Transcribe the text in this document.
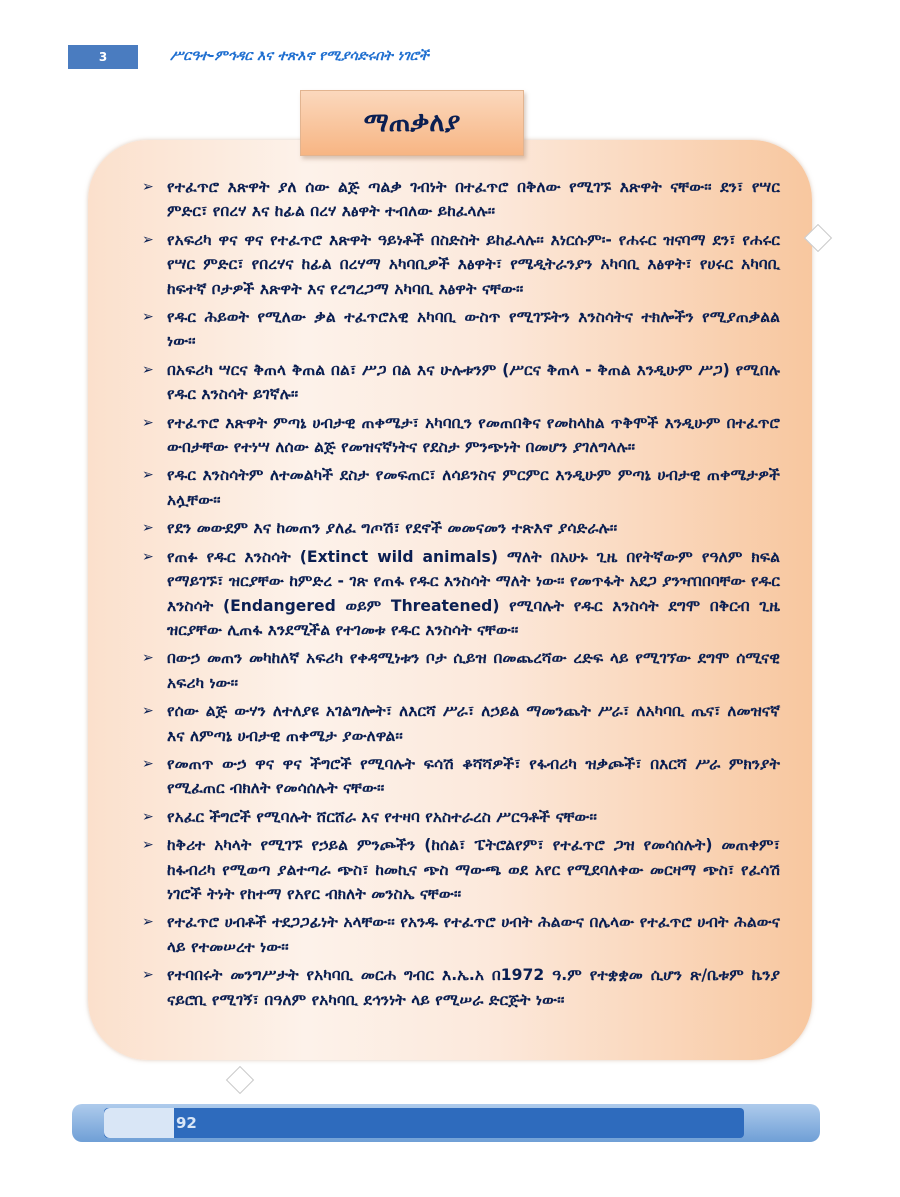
3	ሥርዓተ-ምኅዳር እና ተጽእኖ የሚያሳድሩበት ነገሮች
ማጠቃለያ
➢ የተፈጥሮ እጽዋት ያለ ሰው ልጅ ጣልቃ ገብነት በተፈጥሮ በቅለው የሚገኙ እጽዋት ናቸው፡፡ ደን፣ የሣር ምድር፣ የበረሃ እና ከፊል በረሃ እፅዋት ተብለው ይከፈላሉ፡፡
➢ የአፍሪካ ዋና ዋና የተፈጥሮ እጽዋት ዓይነቶች በስድስት ይከፈላሉ፡፡ እነርሱም፡- የሐሩር ዝናባማ ደን፣ የሐሩር የሣር ምድር፣ የበረሃና ከፊል በረሃማ አካባቢዎች እፅዋት፣ የሜዲትራንያን አካባቢ እፅዋት፣ የሀሩር አካባቢ ከፍተኛ ቦታዎች እጽዋት እና የረግረጋማ አካባቢ እፅዋት ናቸው፡፡
➢ የዱር ሕይወት የሚለው ቃል ተፈጥሮአዊ አካባቢ ውስጥ የሚገኙትን እንስሳትና ተክሎችን የሚያጠቃልል ነው፡፡
➢ በአፍሪካ ሣርና ቅጠላ ቅጠል በል፣ ሥጋ በል እና ሁሉቱንም (ሥርና ቅጠላ - ቅጠል እንዲሁም ሥጋ) የሚበሉ የዱር እንስሳት ይገኛሉ፡፡
➢ የተፈጥሮ እጽዋት ምጣኔ ሀብታዊ ጠቀሜታ፣ አካባቢን የመጠበቅና የመከላከል ጥቅሞች እንዲሁም በተፈጥሮ ውበታቸው የተነሣ ለሰው ልጅ የመዝናኛነትና የደስታ ምንጭነት በመሆን ያገለግላሉ፡፡
➢ የዱር እንስሳትም ለተመልካች ደስታ የመፍጠር፣ ለሳይንስና ምርምር እንዲሁም ምጣኔ ሀብታዊ ጠቀሜታዎች አሏቸው፡፡
➢ የደን መውደም እና ከመጠን ያለፈ ግጦሽ፣ የደኖች መመናመን ተጽእኖ ያሳድራሉ፡፡
➢ የጠፉ የዱር እንስሳት (Extinct wild animals) ማለት በአሁኑ ጊዜ በየትኛውም የዓለም ክፍል የማይገኙ፣ ዝርያቸው ከምድረ - ገጽ የጠፋ የዱር እንስሳት ማለት ነው፡፡ የመጥፋት አደጋ ያንዣበበባቸው የዱር እንስሳት (Endangered ወይም Threatened) የሚባሉት የዱር እንስሳት ደግሞ በቅርብ ጊዜ ዝርያቸው ሊጠፋ እንደሚችል የተገመቱ የዱር እንስሳት ናቸው፡፡
➢ በውኃ መጠን መካከለኛ አፍሪካ የቀዳሚነቱን ቦታ ሲይዝ በመጨረሻው ረድፍ ላይ የሚገኘው ደግሞ ሰሚናዊ አፍሪካ ነው፡፡
➢ የሰው ልጅ ውሃን ለተለያዩ አገልግሎት፣ ለእርሻ ሥራ፣ ለኃይል ማመንጨት ሥራ፣ ለአካባቢ ጤና፣ ለመዝናኛ እና ለምጣኔ ሀብታዊ ጠቀሜታ ያውለዋል፡፡
➢ የመጠጥ ውኃ ዋና ዋና ችግሮች የሚባሉት ፍሳሽ ቆሻሻዎች፣ የፋብሪካ ዝቃጮች፣ በእርሻ ሥራ ምክንያት የሚፈጠር ብክለት የመሳሰሉት ናቸው፡፡
➢ የአፈር ችግሮች የሚባሉት ሸርሸራ እና የተዛባ የአስተራረስ ሥርዓቶች ናቸው፡፡
➢ ከቅሪተ አካላት የሚገኙ የኃይል ምንጮችን (ከሰል፣ ፔትሮልየም፣ የተፈጥሮ ጋዝ የመሳሰሉት) መጠቀም፣ ከፋብሪካ የሚወጣ ያልተጣራ ጭስ፣ ከመኪና ጭስ ማውጫ ወደ አየር የሚደባለቀው መርዛማ ጭስ፣ የፈሳሽ ነገሮች ትነት የከተማ የአየር ብክለት መንስኤ ናቸው፡፡
➢ የተፈጥሮ ሀብቶች ተደጋጋፊነት አላቸው፡፡ የአንዱ የተፈጥሮ ሀብት ሕልውና በሌላው የተፈጥሮ ሀብት ሕልውና ላይ የተመሠረተ ነው፡፡
➢ የተባበሩት መንግሥታት የአካባቢ መርሐ ግብር እ.ኤ.አ በ1972 ዓ.ም የተቋቋመ ሲሆን ጽ/ቤቱም ኬንያ ናይሮቢ የሚገኝ፣ በዓለም የአካባቢ ደኅንነት ላይ የሚሠራ ድርጅት ነው፡፡
92
